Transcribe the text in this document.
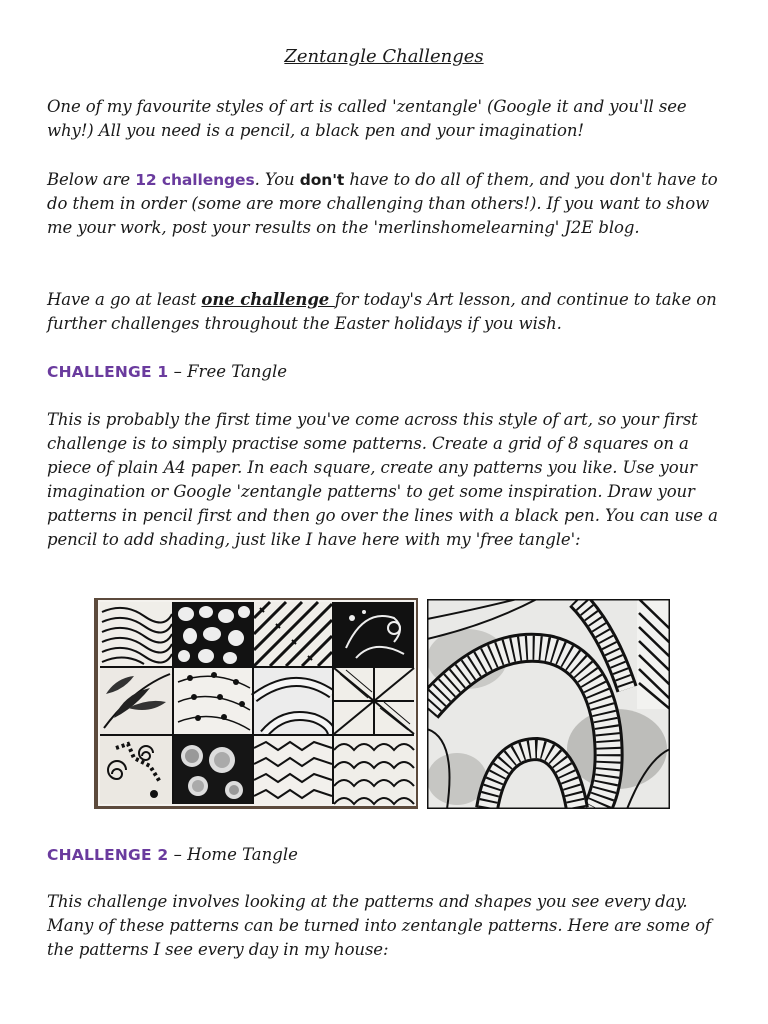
Zentangle Challenges

One of my favourite styles of art is called 'zentangle' (Google it and you'll see why!) All you need is a pencil, a black pen and your imagination!

Below are 12 challenges. You don't have to do all of them, and you don't have to do them in order (some are more challenging than others!). If you want to show me your work, post your results on the 'merlinshomelearning' J2E blog.

Have a go at least one challenge for today's Art lesson, and continue to take on further challenges throughout the Easter holidays if you wish.

CHALLENGE 1 – Free Tangle

This is probably the first time you've come across this style of art, so your first challenge is to simply practise some patterns. Create a grid of 8 squares on a piece of plain A4 paper. In each square, create any patterns you like. Use your imagination or Google 'zentangle patterns' to get some inspiration. Draw your patterns in pencil first and then go over the lines with a black pen. You can use a pencil to add shading, just like I have here with my 'free tangle':

CHALLENGE 2 – Home Tangle

This challenge involves looking at the patterns and shapes you see every day. Many of these patterns can be turned into zentangle patterns. Here are some of the patterns I see every day in my house:
